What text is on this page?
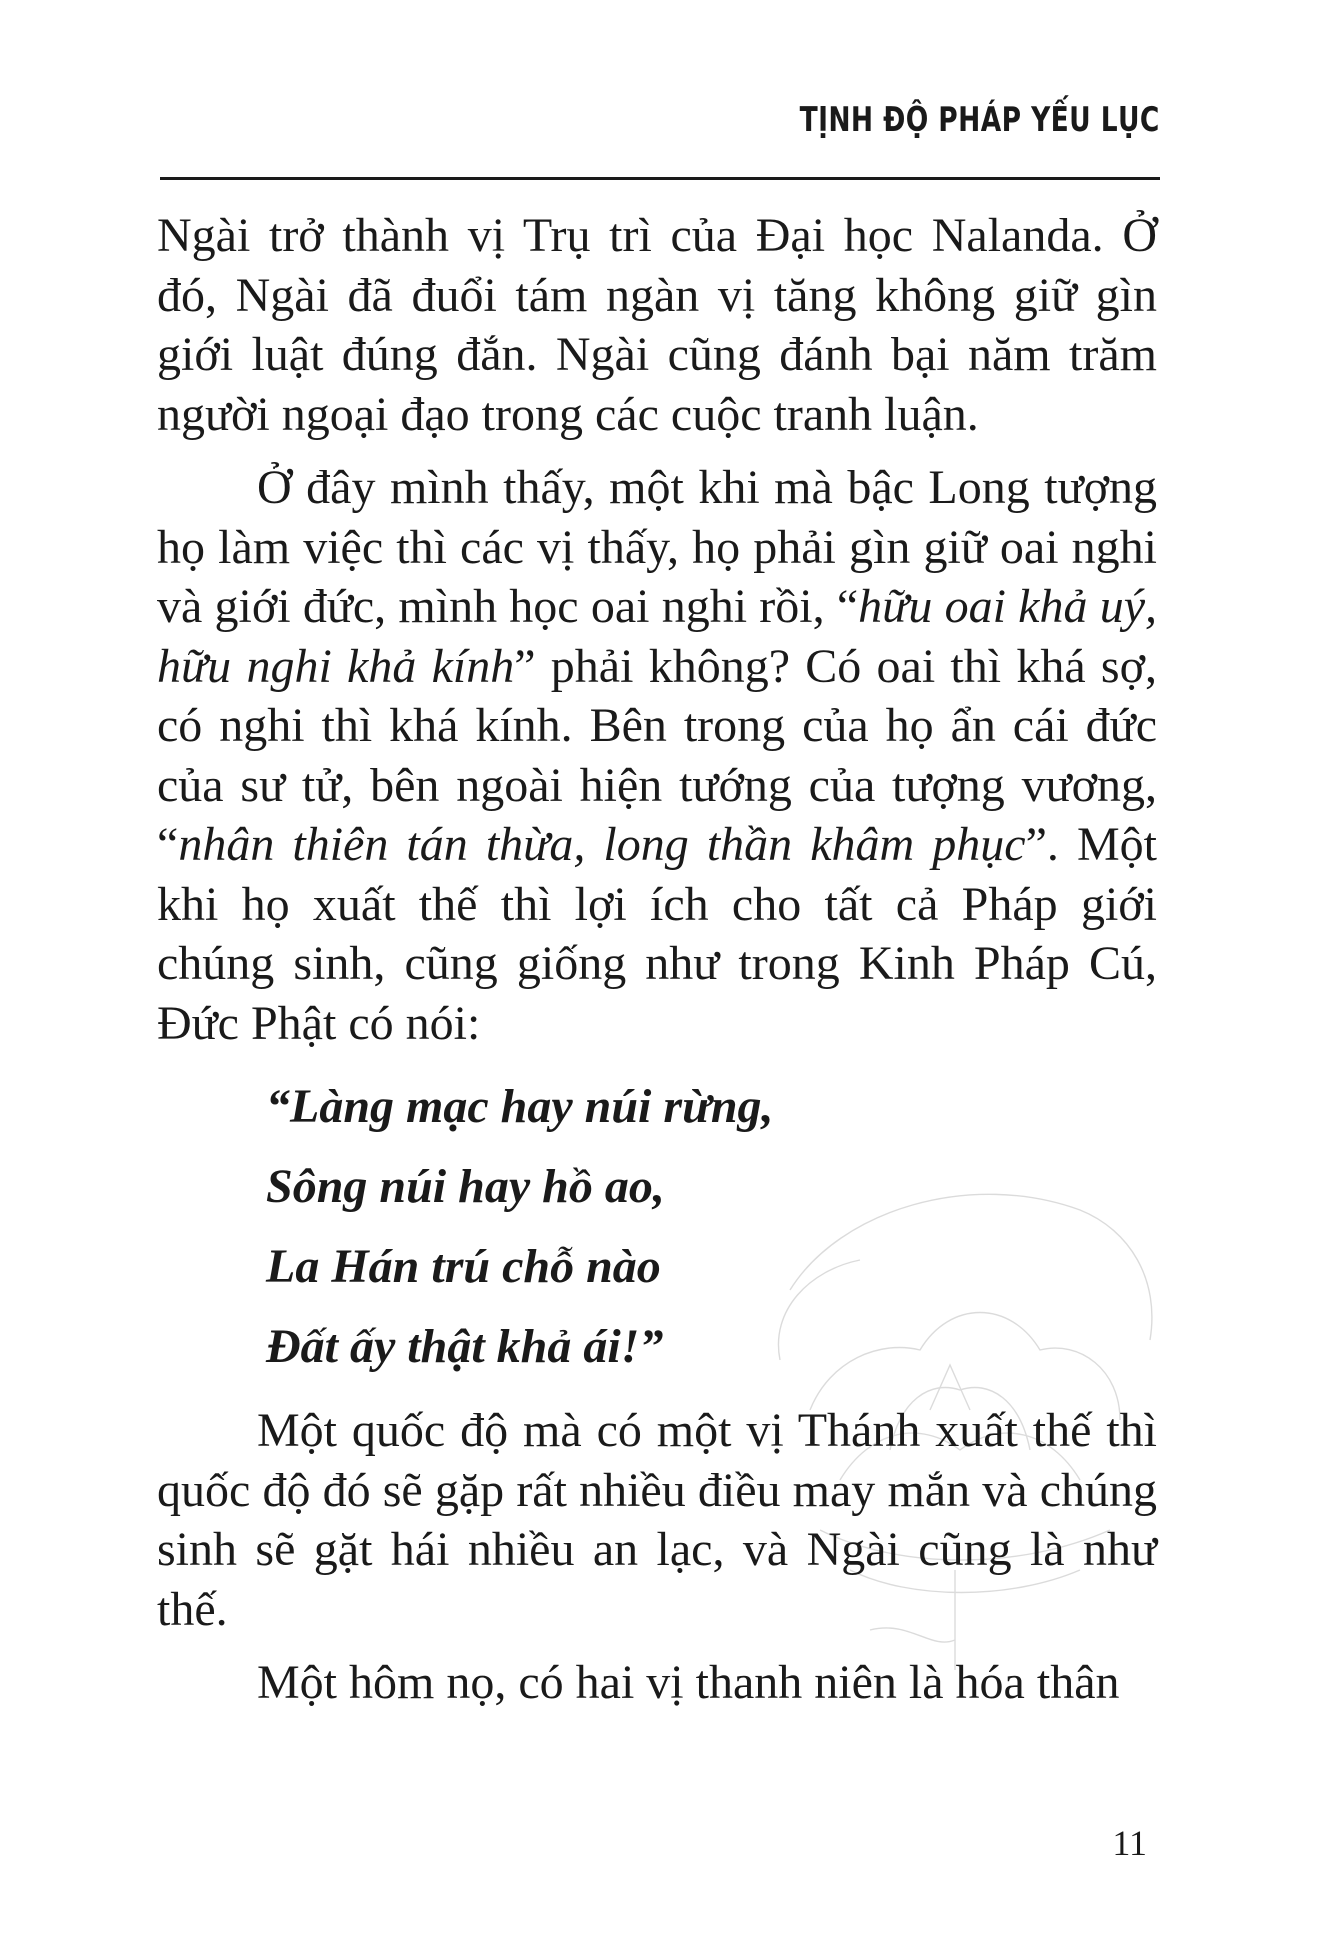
TỊNH ĐỘ PHÁP YẾU LỤC

Ngài trở thành vị Trụ trì của Đại học Nalanda. Ở đó, Ngài đã đuổi tám ngàn vị tăng không giữ gìn giới luật đúng đắn. Ngài cũng đánh bại năm trăm người ngoại đạo trong các cuộc tranh luận.

Ở đây mình thấy, một khi mà bậc Long tượng họ làm việc thì các vị thấy, họ phải gìn giữ oai nghi và giới đức, mình học oai nghi rồi, “hữu oai khả uý, hữu nghi khả kính” phải không? Có oai thì khá sợ, có nghi thì khá kính. Bên trong của họ ẩn cái đức của sư tử, bên ngoài hiện tướng của tượng vương, “nhân thiên tán thừa, long thần khâm phục”. Một khi họ xuất thế thì lợi ích cho tất cả Pháp giới chúng sinh, cũng giống như trong Kinh Pháp Cú, Đức Phật có nói:

“Làng mạc hay núi rừng,
Sông núi hay hồ ao,
La Hán trú chỗ nào
Đất ấy thật khả ái!”

Một quốc độ mà có một vị Thánh xuất thế thì quốc độ đó sẽ gặp rất nhiều điều may mắn và chúng sinh sẽ gặt hái nhiều an lạc, và Ngài cũng là như thế.

Một hôm nọ, có hai vị thanh niên là hóa thân

11
